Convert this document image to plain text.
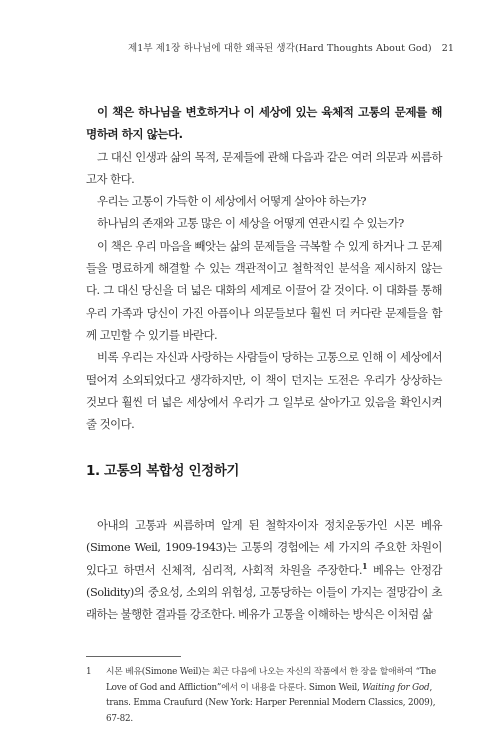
제1부 제1장 하나님에 대한 왜곡된 생각(Hard Thoughts About God) 21

이 책은 하나님을 변호하거나 이 세상에 있는 육체적 고통의 문제를 해명하려 하지 않는다.

그 대신 인생과 삶의 목적, 문제들에 관해 다음과 같은 여러 의문과 씨름하고자 한다.

우리는 고통이 가득한 이 세상에서 어떻게 살아야 하는가?

하나님의 존재와 고통 많은 이 세상을 어떻게 연관시킬 수 있는가?

이 책은 우리 마음을 빼앗는 삶의 문제들을 극복할 수 있게 하거나 그 문제들을 명료하게 해결할 수 있는 객관적이고 철학적인 분석을 제시하지 않는다. 그 대신 당신을 더 넓은 대화의 세계로 이끌어 갈 것이다. 이 대화를 통해 우리 가족과 당신이 가진 아픔이나 의문들보다 훨씬 더 커다란 문제들을 함께 고민할 수 있기를 바란다.

비록 우리는 자신과 사랑하는 사람들이 당하는 고통으로 인해 이 세상에서 떨어져 소외되었다고 생각하지만, 이 책이 던지는 도전은 우리가 상상하는 것보다 훨씬 더 넓은 세상에서 우리가 그 일부로 살아가고 있음을 확인시켜 줄 것이다.

1. 고통의 복합성 인정하기

아내의 고통과 씨름하며 알게 된 철학자이자 정치운동가인 시몬 베유(Simone Weil, 1909-1943)는 고통의 경험에는 세 가지의 주요한 차원이 있다고 하면서 신체적, 심리적, 사회적 차원을 주장한다.$^1$ 베유는 안정감(Solidity)의 중요성, 소외의 위험성, 고통당하는 이들이 가지는 절망감이 초래하는 불행한 결과를 강조한다. 베유가 고통을 이해하는 방식은 이처럼 삶

1 시몬 베유(Simone Weil)는 최근 다음에 나오는 자신의 작품에서 한 장을 할애하여 “The Love of God and Affliction”에서 이 내용을 다룬다. Simon Weil, Waiting for God, trans. Emma Craufurd (New York: Harper Perennial Modern Classics, 2009), 67-82.
